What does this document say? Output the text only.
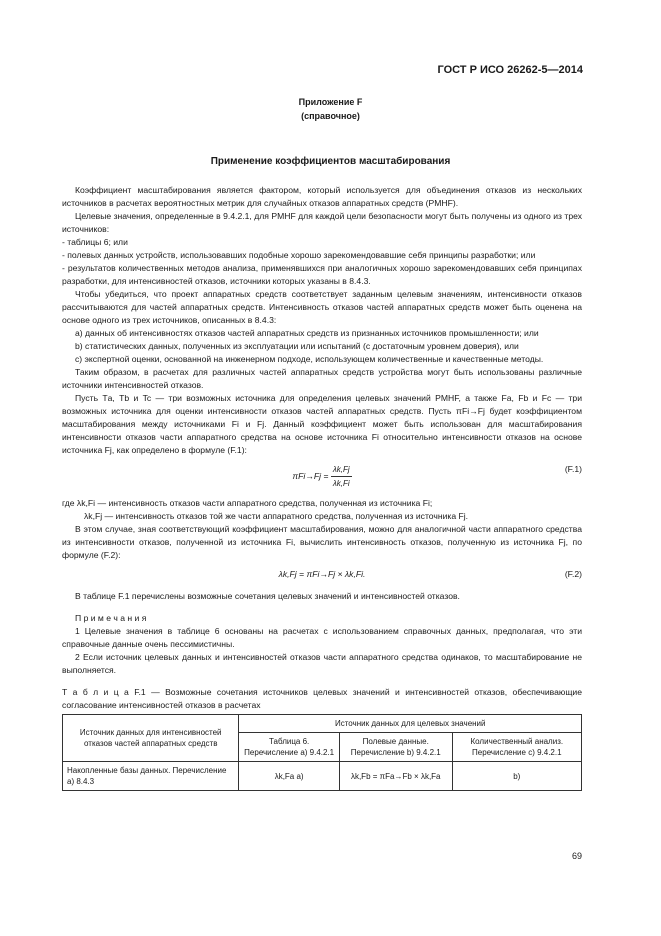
ГОСТ Р ИСО 26262-5—2014
Приложение F
(справочное)
Применение коэффициентов масштабирования

Коэффициент масштабирования является фактором, который используется для объединения отказов из нескольких источников в расчетах вероятностных метрик для случайных отказов аппаратных средств (PMHF).

Целевые значения, определенные в 9.4.2.1, для PMHF для каждой цели безопасности могут быть получены из одного из трех источников:

- таблицы 6; или

- полевых данных устройств, использовавших подобные хорошо зарекомендовавшие себя принципы разработки; или

- результатов количественных методов анализа, применявшихся при аналогичных хорошо зарекомендовавших себя принципах разработки, для интенсивностей отказов, источники которых указаны в 8.4.3.

Чтобы убедиться, что проект аппаратных средств соответствует заданным целевым значениям, интенсивности отказов рассчитываются для частей аппаратных средств. Интенсивность отказов частей аппаратных средств может быть оценена на основе одного из трех источников, описанных в 8.4.3:

a) данных об интенсивностях отказов частей аппаратных средств из признанных источников промышленности; или

b) статистических данных, полученных из эксплуатации или испытаний (с достаточным уровнем доверия), или

c) экспертной оценки, основанной на инженерном подходе, использующем количественные и качественные методы.

Таким образом, в расчетах для различных частей аппаратных средств устройства могут быть использованы различные источники интенсивностей отказов.

Пусть Tа, Tb и Tc — три возможных источника для определения целевых значений PMHF, а также Fa, Fb и Fc — три возможных источника для оценки интенсивности отказов частей аппаратных средств. Пусть πFi→Fj будет коэффициентом масштабирования между источниками Fi и Fj. Данный коэффициент может быть использован для масштабирования интенсивности отказов части аппаратного средства на основе источника Fi относительно интенсивности отказов на основе источника Fj, как определено в формуле (F.1):

$\pi Fi\to Fj = \frac{\lambda k,Fj}{\lambda k,Fi}$	(F.1)

где λk,Fi — интенсивность отказов части аппаратного средства, полученная из источника Fi;

λk,Fj — интенсивность отказов той же части аппаратного средства, полученная из источника Fj.

В этом случае, зная соответствующий коэффициент масштабирования, можно для аналогичной части аппаратного средства из интенсивности отказов, полученной из источника Fi, вычислить интенсивность отказов, полученную из источника Fj, по формуле (F.2):

λk,Fj = πFi→Fj × λk,Fi.	(F.2)

В таблице F.1 перечислены возможные сочетания целевых значений и интенсивностей отказов.

П р и м е ч а н и я

1 Целевые значения в таблице 6 основаны на расчетах с использованием справочных данных, предполагая, что эти справочные данные очень пессимистичны.

2 Если источник целевых данных и интенсивностей отказов части аппаратного средства одинаков, то масштабирование не выполняется.

Т а б л и ц а F.1 — Возможные сочетания источников целевых значений и интенсивностей отказов, обеспечивающие согласование интенсивностей отказов в расчетах

Источник данных для интенсивностей отказов частей аппаратных средств	Источник данных для целевых значений		
	Таблица 6. Перечисление a) 9.4.2.1	Полевые данные. Перечисление b) 9.4.2.1	Количественный анализ. Перечисление c) 9.4.2.1
Накопленные базы данных. Перечисление a) 8.4.3	λk,Fa a)	λk,Fb = πFa→Fb × λk,Fa	b)
69
